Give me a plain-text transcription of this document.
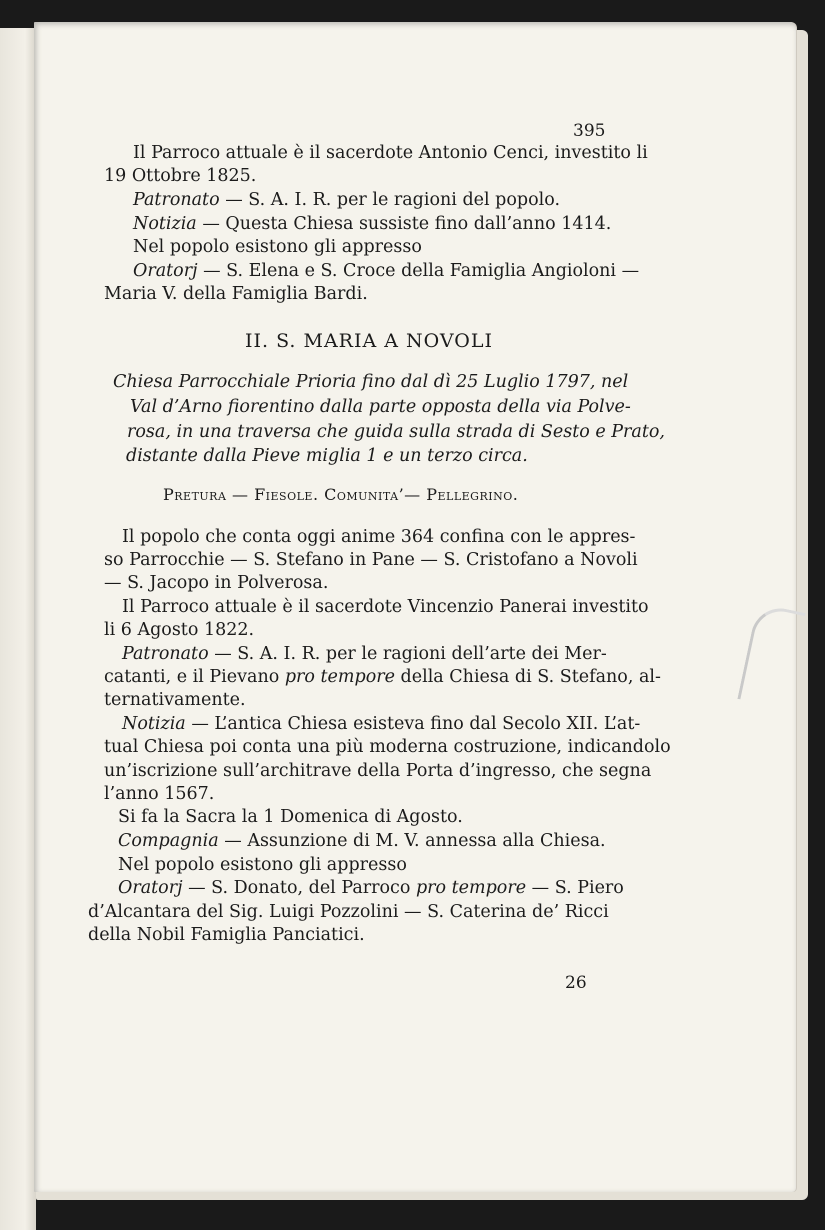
395
Il Parroco attuale è il sacerdote Antonio Cenci, investito li
19 Ottobre 1825.
Patronato — S. A. I. R. per le ragioni del popolo.
Notizia — Questa Chiesa sussiste fino dall’anno 1414.
Nel popolo esistono gli appresso
Oratorj — S. Elena e S. Croce della Famiglia Angioloni —
Maria V. della Famiglia Bardi.
II. S. MARIA A NOVOLI
Chiesa Parrocchiale Prioria fino dal dì 25 Luglio 1797, nel
Val d’Arno fiorentino dalla parte opposta della via Polve-
rosa, in una traversa che guida sulla strada di Sesto e Prato,
distante dalla Pieve miglia 1 e un terzo circa.
Pretura — Fiesole. Comunita’— Pellegrino.
Il popolo che conta oggi anime 364 confina con le appres-
so Parrocchie — S. Stefano in Pane — S. Cristofano a Novoli
— S. Jacopo in Polverosa.
Il Parroco attuale è il sacerdote Vincenzio Panerai investito
li 6 Agosto 1822.
Patronato — S. A. I. R. per le ragioni dell’arte dei Mer-
catanti, e il Pievano pro tempore della Chiesa di S. Stefano, al-
ternativamente.
Notizia — L’antica Chiesa esisteva fino dal Secolo XII. L’at-
tual Chiesa poi conta una più moderna costruzione, indicandolo
un’iscrizione sull’architrave della Porta d’ingresso, che segna
l’anno 1567.
Si fa la Sacra la 1 Domenica di Agosto.
Compagnia — Assunzione di M. V. annessa alla Chiesa.
Nel popolo esistono gli appresso
Oratorj — S. Donato, del Parroco pro tempore — S. Piero
d’Alcantara del Sig. Luigi Pozzolini — S. Caterina de’ Ricci
della Nobil Famiglia Panciatici.
26
